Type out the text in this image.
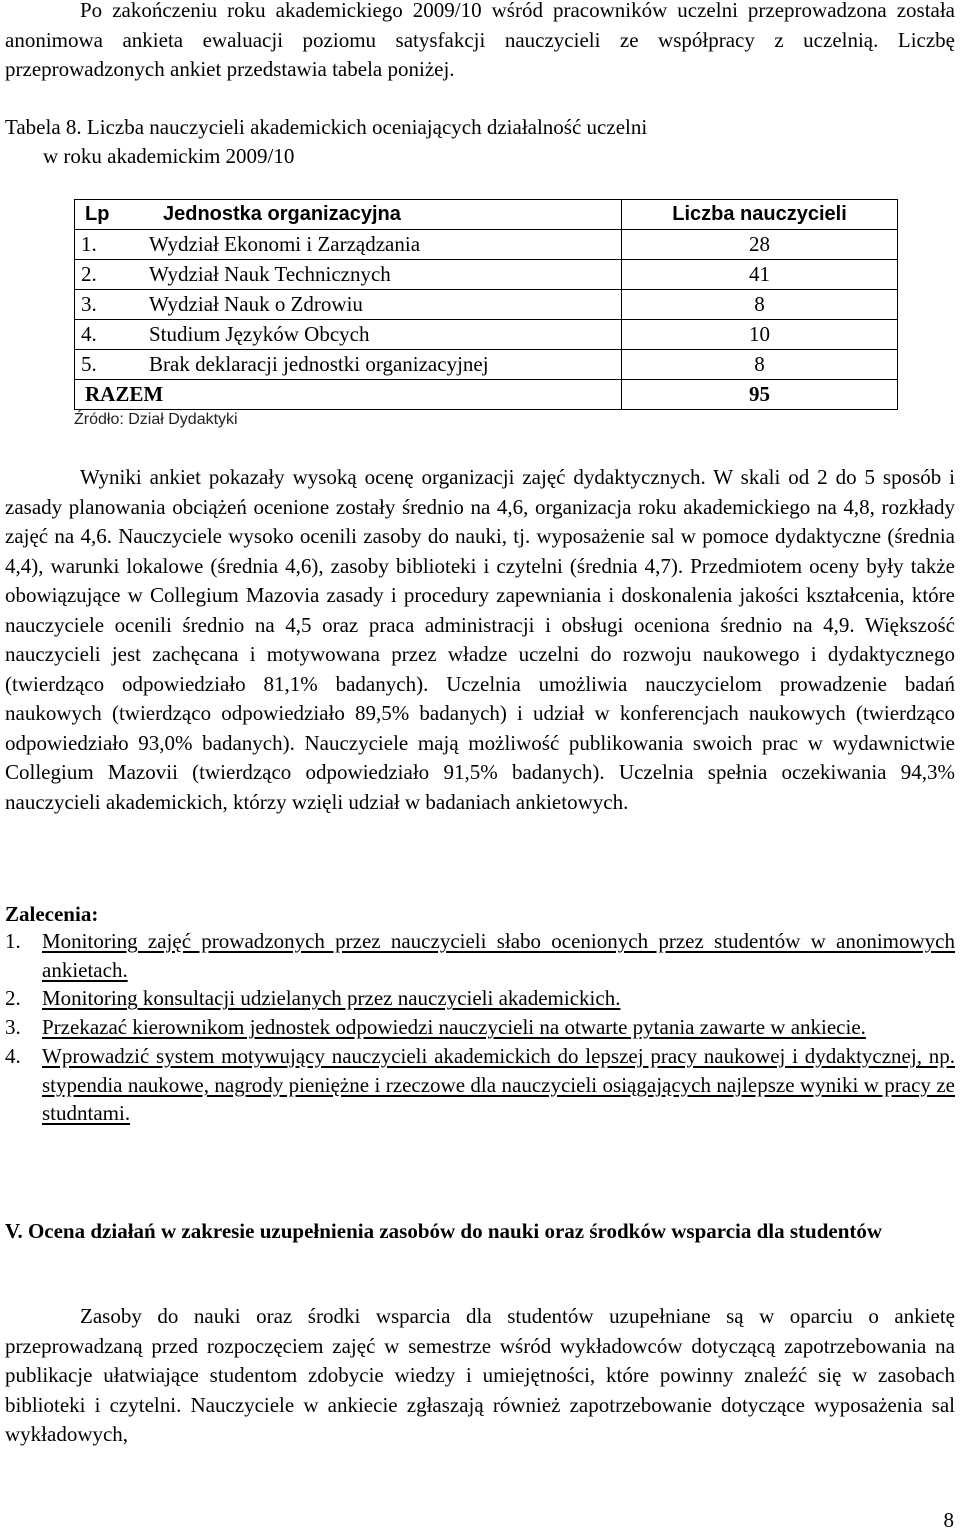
Po zakończeniu roku akademickiego 2009/10 wśród pracowników uczelni przeprowadzona została anonimowa ankieta ewaluacji poziomu satysfakcji nauczycieli ze współpracy z uczelnią. Liczbę przeprowadzonych ankiet przedstawia tabela poniżej.

Tabela 8. Liczba nauczycieli akademickich oceniających działalność uczelni
w roku akademickim 2009/10
Lp	Jednostka organizacyjna	Liczba nauczycieli
1.	Wydział Ekonomi i Zarządzania	28
2.	Wydział Nauk Technicznych	41
3.	Wydział Nauk o Zdrowiu	8
4.	Studium Języków Obcych	10
5.	Brak deklaracji jednostki organizacyjnej	8
RAZEM		95
Źródło: Dział Dydaktyki

Wyniki ankiet pokazały wysoką ocenę organizacji zajęć dydaktycznych. W skali od 2 do 5 sposób i zasady planowania obciążeń ocenione zostały średnio na 4,6, organizacja roku akademickiego na 4,8, rozkłady zajęć na 4,6. Nauczyciele wysoko ocenili zasoby do nauki, tj. wyposażenie sal w pomoce dydaktyczne (średnia 4,4), warunki lokalowe (średnia 4,6), zasoby biblioteki i czytelni (średnia 4,7). Przedmiotem oceny były także obowiązujące w Collegium Mazovia zasady i procedury zapewniania i doskonalenia jakości kształcenia, które nauczyciele ocenili średnio na 4,5 oraz praca administracji i obsługi oceniona średnio na 4,9. Większość nauczycieli jest zachęcana i motywowana przez władze uczelni do rozwoju naukowego i dydaktycznego (twierdząco odpowiedziało 81,1% badanych). Uczelnia umożliwia nauczycielom prowadzenie badań naukowych (twierdząco odpowiedziało 89,5% badanych) i udział w konferencjach naukowych (twierdząco odpowiedziało 93,0% badanych). Nauczyciele mają możliwość publikowania swoich prac w wydawnictwie Collegium Mazovii (twierdząco odpowiedziało 91,5% badanych). Uczelnia spełnia oczekiwania 94,3% nauczycieli akademickich, którzy wzięli udział w badaniach ankietowych.

Zalecenia:

1. Monitoring zajęć prowadzonych przez nauczycieli słabo ocenionych przez studentów w anonimowych ankietach.
2. Monitoring konsultacji udzielanych przez nauczycieli akademickich.
3. Przekazać kierownikom jednostek odpowiedzi nauczycieli na otwarte pytania zawarte w ankiecie.
4. Wprowadzić system motywujący nauczycieli akademickich do lepszej pracy naukowej i dydaktycznej, np. stypendia naukowe, nagrody pieniężne i rzeczowe dla nauczycieli osiągających najlepsze wyniki w pracy ze studntami.

V. Ocena działań w zakresie uzupełnienia zasobów do nauki oraz środków wsparcia dla studentów

Zasoby do nauki oraz środki wsparcia dla studentów uzupełniane są w oparciu o ankietę przeprowadzaną przed rozpoczęciem zajęć w semestrze wśród wykładowców dotyczącą zapotrzebowania na publikacje ułatwiające studentom zdobycie wiedzy i umiejętności, które powinny znaleźć się w zasobach biblioteki i czytelni. Nauczyciele w ankiecie zgłaszają również zapotrzebowanie dotyczące wyposażenia sal wykładowych,

8
